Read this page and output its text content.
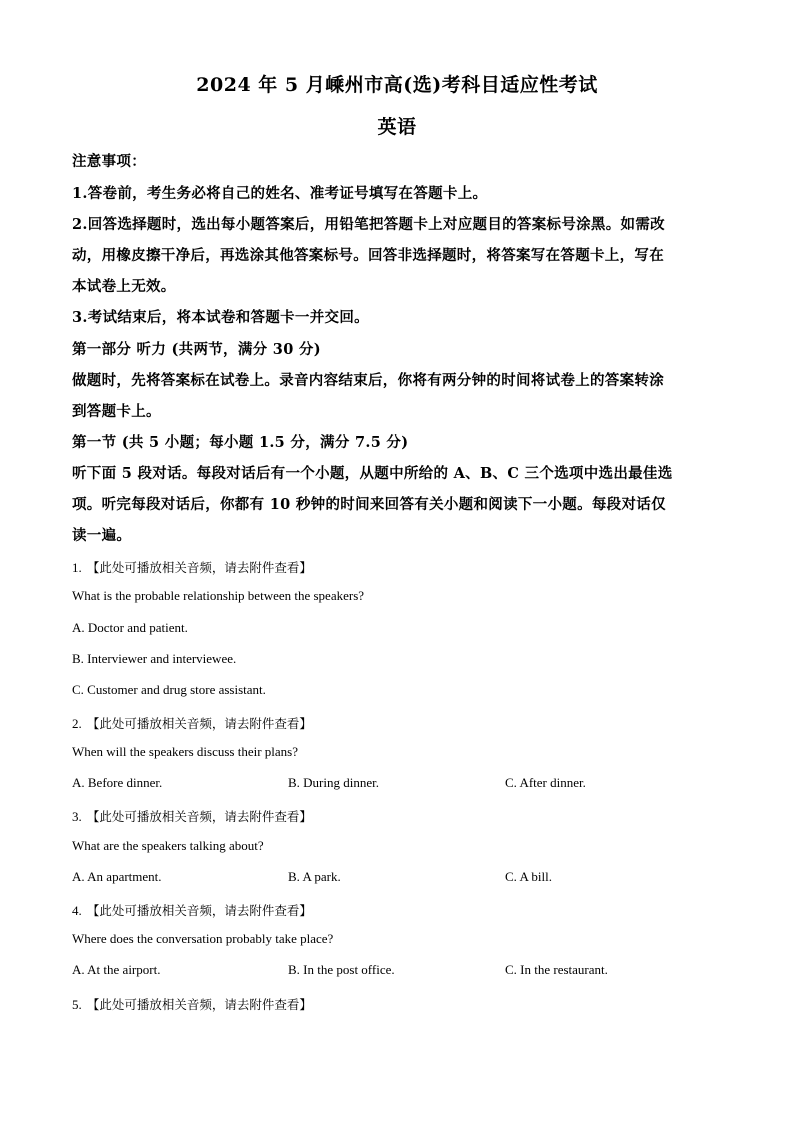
2024 年 5 月嵊州市高(选)考科目适应性考试
英语
注意事项：
1.答卷前，考生务必将自己的姓名、准考证号填写在答题卡上。
2.回答选择题时，选出每小题答案后，用铅笔把答题卡上对应题目的答案标号涂黑。如需改
动，用橡皮擦干净后，再选涂其他答案标号。回答非选择题时，将答案写在答题卡上，写在
本试卷上无效。
3.考试结束后，将本试卷和答题卡一并交回。
第一部分 听力 (共两节，满分 30 分)
做题时，先将答案标在试卷上。录音内容结束后，你将有两分钟的时间将试卷上的答案转涂
到答题卡上。
第一节 (共 5 小题；每小题 1.5 分，满分 7.5 分)
听下面 5 段对话。每段对话后有一个小题，从题中所给的 A、B、C 三个选项中选出最佳选
项。听完每段对话后，你都有 10 秒钟的时间来回答有关小题和阅读下一小题。每段对话仅
读一遍。
1. 【此处可播放相关音频，请去附件查看】
What is the probable relationship between the speakers?
A. Doctor and patient.
B. Interviewer and interviewee.
C. Customer and drug store assistant.
2. 【此处可播放相关音频，请去附件查看】
When will the speakers discuss their plans?
A. Before dinner.	B. During dinner.	C. After dinner.
3. 【此处可播放相关音频，请去附件查看】
What are the speakers talking about?
A. An apartment.	B. A park.	C. A bill.
4. 【此处可播放相关音频，请去附件查看】
Where does the conversation probably take place?
A. At the airport.	B. In the post office.	C. In the restaurant.
5. 【此处可播放相关音频，请去附件查看】
